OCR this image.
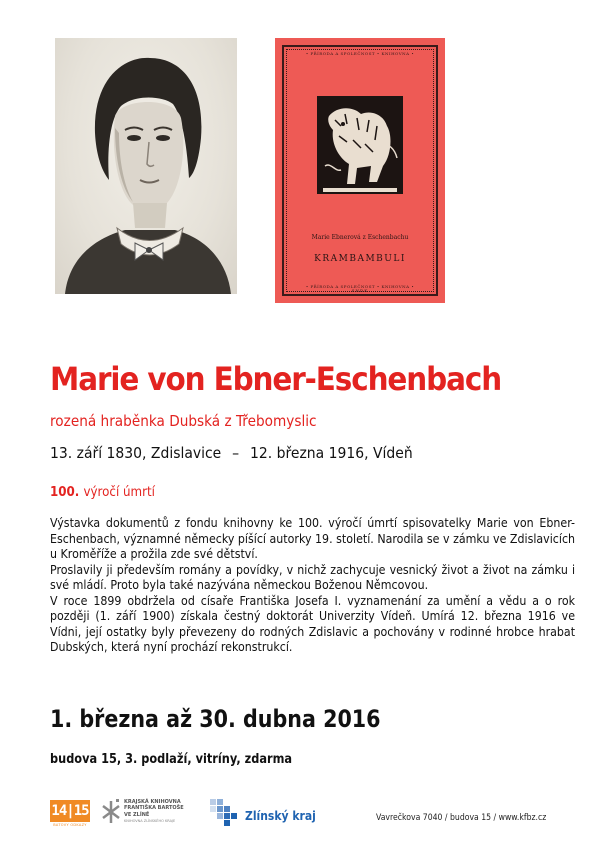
• PŘÍRODA A SPOLEČNOST • KNIHOVNA •
• PŘÍRODA A SPOLEČNOST • KNIHOVNA •
Marie Ebnerová z Eschenbachu
KRAMBAMBULI
SNDK
Marie von Ebner-Eschenbach
rozená hraběnka Dubská z Třebomyslic
13. září 1830, Zdislavice – 12. března 1916, Vídeň
100. výročí úmrtí

Výstavka dokumentů z fondu knihovny ke 100. výročí úmrtí spisovatelky Marie von Ebner-Eschenbach, významné německy píšící autorky 19. století. Narodila se v zámku ve Zdislavicích u Kroměříže a prožila zde své dětství.

Proslavily ji především romány a povídky, v nichž zachycuje vesnický život a život na zámku i své mládí. Proto byla také nazývána německou Boženou Němcovou.

V roce 1899 obdržela od císaře Františka Josefa I. vyznamenání za umění a vědu a o rok později (1. září 1900) získala čestný doktorát Univerzity Vídeň. Umírá 12. března 1916 ve Vídni, její ostatky byly převezeny do rodných Zdislavic a pochovány v rodinné hrobce hrabat Dubských, která nyní prochází rekonstrukcí.

1. března až 30. dubna 2016
budova 15, 3. podlaží, vitríny, zdarma
14|15
BATOVY ODKAZY
KRAJSKÁ KNIHOVNA
FRANTIŠKA BARTOŠE
VE ZLÍNĚ
KNIHOVNA ZLÍNSKÉHO KRAJE	Zlínský kraj	Vavrečkova 7040 / budova 15 / www.kfbz.cz
